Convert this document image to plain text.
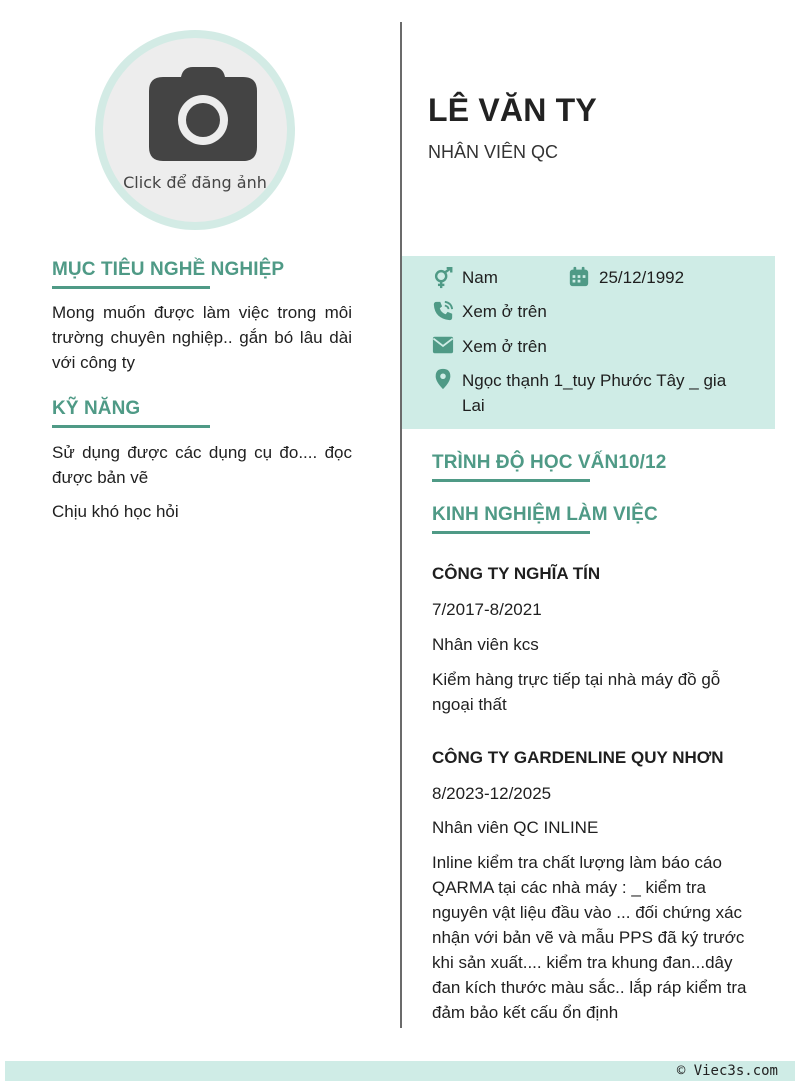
Click để đăng ảnh
MỤC TIÊU NGHỀ NGHIỆP
Mong muốn được làm việc trong môi trường chuyên nghiệp.. gắn bó lâu dài với công ty
KỸ NĂNG
Sử dụng được các dụng cụ đo.... đọc được bản vẽ
Chịu khó học hỏi
LÊ VĂN TY
NHÂN VIÊN QC
Nam	25/12/1992
Xem ở trên
Xem ở trên
Ngọc thạnh 1_tuy Phước Tây _ gia Lai
TRÌNH ĐỘ HỌC VẤN10/12
KINH NGHIỆM LÀM VIỆC
CÔNG TY NGHĨA TÍN
7/2017-8/2021
Nhân viên kcs
Kiểm hàng trực tiếp tại nhà máy đồ gỗ ngoại thất
CÔNG TY GARDENLINE QUY NHƠN
8/2023-12/2025
Nhân viên QC INLINE
Inline kiểm tra chất lượng làm báo cáo QARMA tại các nhà máy : _ kiểm tra nguyên vật liệu đầu vào ... đối chứng xác nhận với bản vẽ và mẫu PPS đã ký trước khi sản xuất.... kiểm tra khung đan...dây đan kích thước màu sắc.. lắp ráp kiểm tra đảm bảo kết cấu ổn định
© Viec3s.com
